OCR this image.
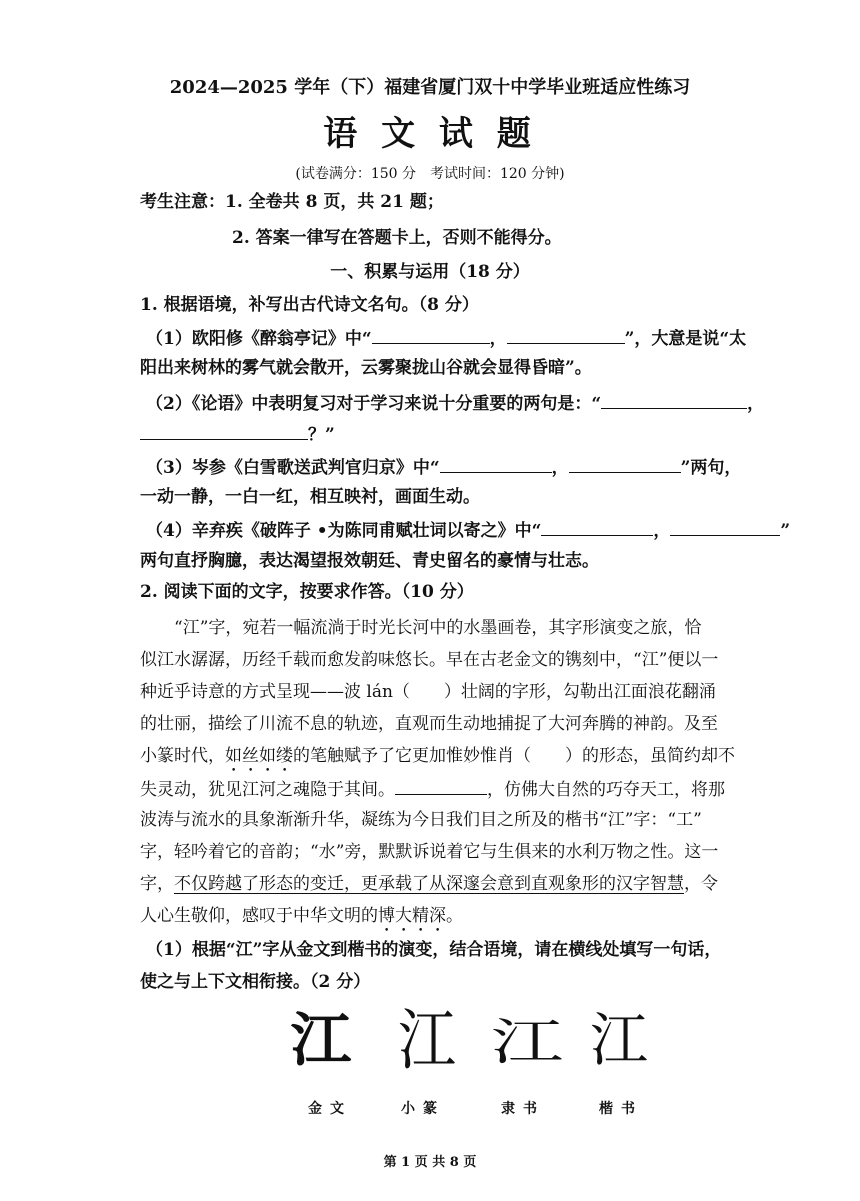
2024—2025 学年（下）福建省厦门双十中学毕业班适应性练习
语 文 试 题
(试卷满分：150 分　考试时间：120 分钟)
考生注意：1. 全卷共 8 页，共 21 题；
2. 答案一律写在答题卡上，否则不能得分。
一、积累与运用（18 分）
1. 根据语境，补写出古代诗文名句。（8 分）
（1）欧阳修《醉翁亭记》中“	，	”，大意是说“太
阳出来树林的雾气就会散开，云雾聚拢山谷就会显得昏暗”。
（2）《论语》中表明复习对于学习来说十分重要的两句是：“	，
？”
（3）岑参《白雪歌送武判官归京》中“	，	”两句，
一动一静，一白一红，相互映衬，画面生动。
（4）辛弃疾《破阵子 •为陈同甫赋壮词以寄之》中“	，	”
两句直抒胸臆，表达渴望报效朝廷、青史留名的豪情与壮志。
2. 阅读下面的文字，按要求作答。（10 分）
“江”字，宛若一幅流淌于时光长河中的水墨画卷，其字形演变之旅，恰
似江水潺潺，历经千载而愈发韵味悠长。早在古老金文的镌刻中，“江”便以一
种近乎诗意的方式呈现——波 lán（ ）壮阔的字形，勾勒出江面浪花翻涌
的壮丽，描绘了川流不息的轨迹，直观而生动地捕捉了大河奔腾的神韵。及至
小篆时代，如丝如缕的笔触赋予了它更加惟妙惟肖（ ）的形态，虽简约却不
失灵动，犹见江河之魂隐于其间。	，仿佛大自然的巧夺天工，将那
波涛与流水的具象渐渐升华，凝练为今日我们目之所及的楷书“江”字：“工”
字，轻吟着它的音韵；“水”旁，默默诉说着它与生俱来的水利万物之性。这一
字，不仅跨越了形态的变迁，更承载了从深邃会意到直观象形的汉字智慧，令
人心生敬仰，感叹于中华文明的博大精深。
（1）根据“江”字从金文到楷书的演变，结合语境，请在横线处填写一句话，
使之与上下文相衔接。（2 分）
江 江 江 江
金文	小篆	隶书	楷书
第 1 页 共 8 页
